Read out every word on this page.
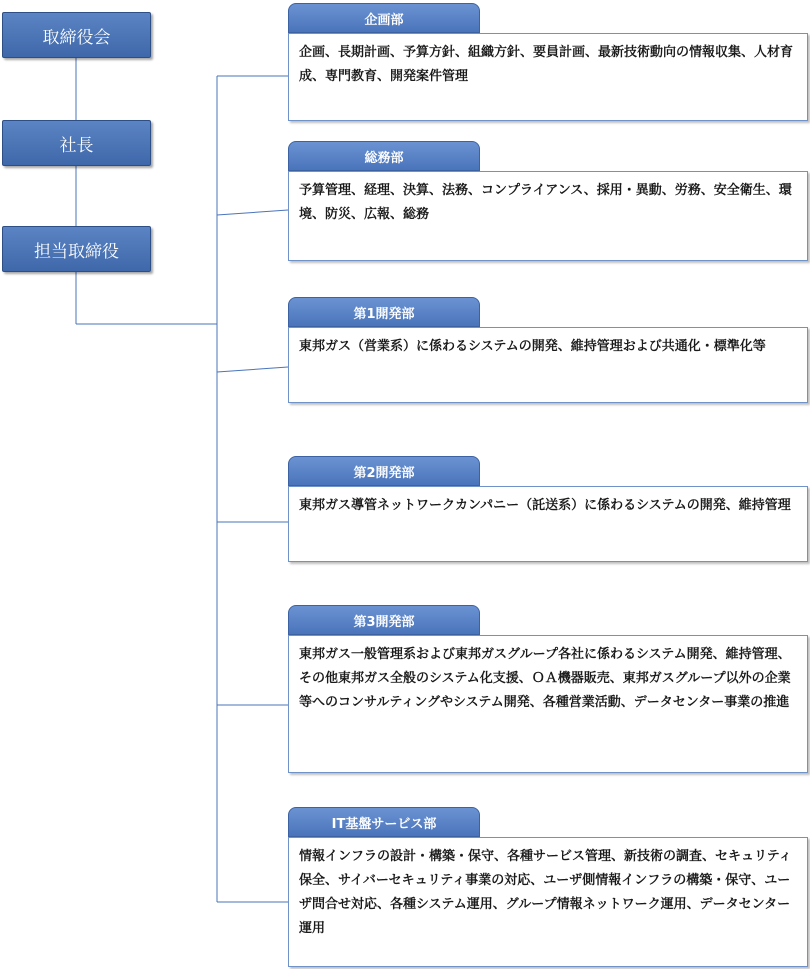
取締役会
社長
担当取締役
企画部
企画、長期計画、予算方針、組織方針、要員計画、最新技術動向の情報収集、人材育成、専門教育、開発案件管理
総務部
予算管理、経理、決算、法務、コンプライアンス、採用・異動、労務、安全衛生、環境、防災、広報、総務
第1開発部
東邦ガス（営業系）に係わるシステムの開発、維持管理および共通化・標準化等
第2開発部
東邦ガス導管ネットワークカンパニー（託送系）に係わるシステムの開発、維持管理
第3開発部
東邦ガス一般管理系および東邦ガスグループ各社に係わるシステム開発、維持管理、その他東邦ガス全般のシステム化支援、ＯＡ機器販売、東邦ガスグループ以外の企業等へのコンサルティングやシステム開発、各種営業活動、データセンター事業の推進
IT基盤サービス部
情報インフラの設計・構築・保守、各種サービス管理、新技術の調査、セキュリティ保全、サイバーセキュリティ事業の対応、ユーザ側情報インフラの構築・保守、ユーザ問合せ対応、各種システム運用、グループ情報ネットワーク運用、データセンター運用
